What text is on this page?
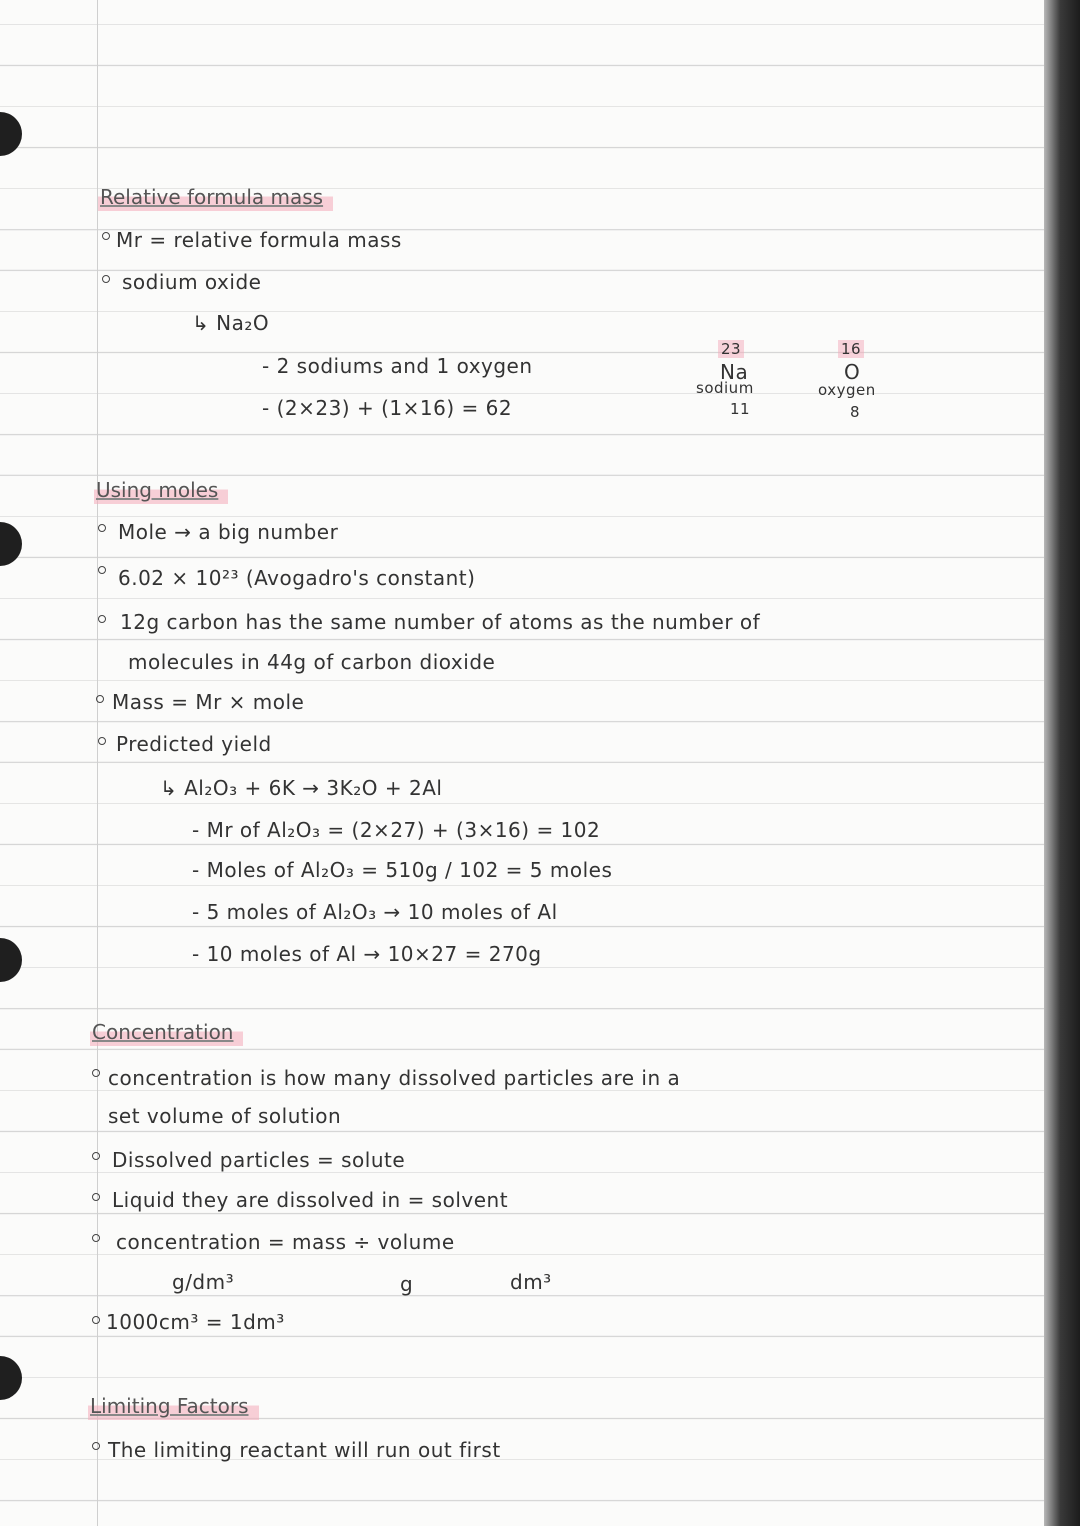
Relative formula mass
Mr = relative formula mass
sodium oxide
↳ Na₂O
- 2 sodiums and 1 oxygen
- (2×23) + (1×16) = 62
23
Na
sodium
11
16
O
oxygen
8
Using moles
Mole → a big number
6.02 × 10²³ (Avogadro's constant)
12g carbon has the same number of atoms as the number of
molecules in 44g of carbon dioxide
Mass = Mr × mole
Predicted yield
↳ Al₂O₃ + 6K → 3K₂O + 2Al
- Mr of Al₂O₃ = (2×27) + (3×16) = 102
- Moles of Al₂O₃ = 510g / 102 = 5 moles
- 5 moles of Al₂O₃ → 10 moles of Al
- 10 moles of Al → 10×27 = 270g
Concentration
concentration is how many dissolved particles are in a
set volume of solution
Dissolved particles = solute
Liquid they are dissolved in = solvent
concentration = mass ÷ volume
g/dm³	g	dm³
1000cm³ = 1dm³
Limiting Factors
The limiting reactant will run out first
